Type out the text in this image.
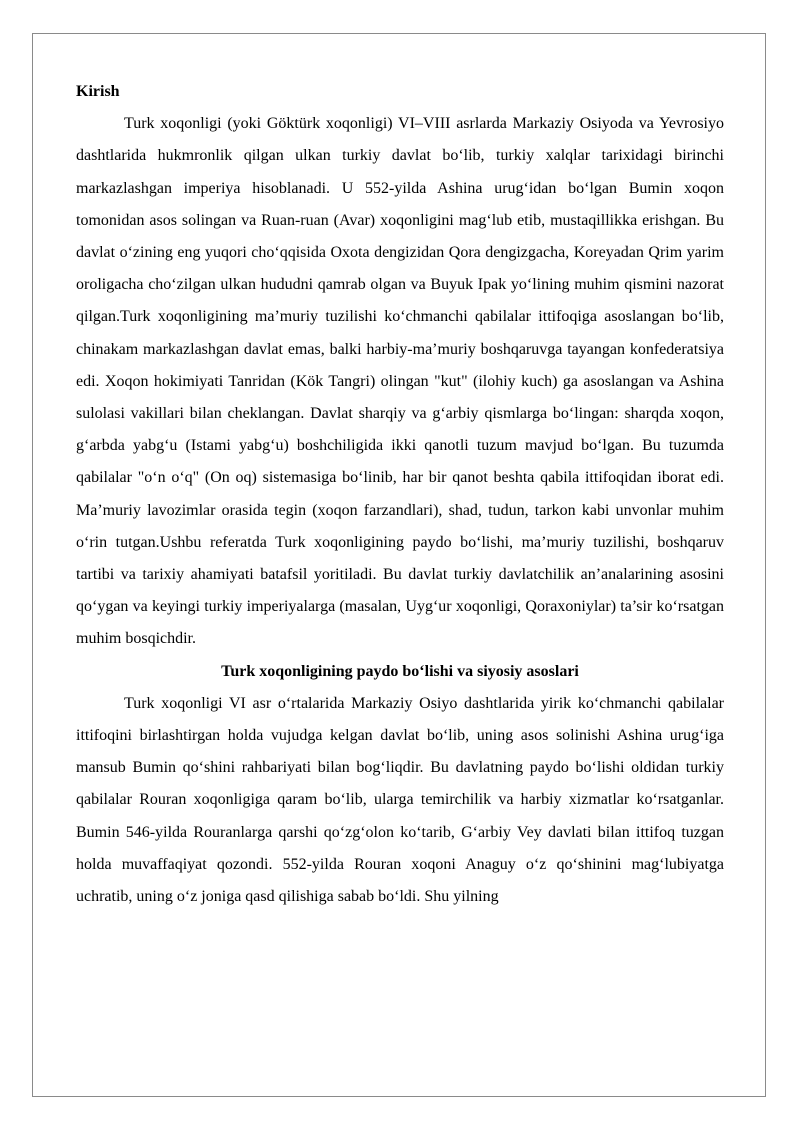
Kirish

Turk xoqonligi (yoki Göktürk xoqonligi) VI–VIII asrlarda Markaziy Osiyoda va Yevrosiyo dashtlarida hukmronlik qilgan ulkan turkiy davlat bo‘lib, turkiy xalqlar tarixidagi birinchi markazlashgan imperiya hisoblanadi. U 552-yilda Ashina urug‘idan bo‘lgan Bumin xoqon tomonidan asos solingan va Ruan-ruan (Avar) xoqonligini mag‘lub etib, mustaqillikka erishgan. Bu davlat o‘zining eng yuqori cho‘qqisida Oxota dengizidan Qora dengizgacha, Koreyadan Qrim yarim oroligacha cho‘zilgan ulkan hududni qamrab olgan va Buyuk Ipak yo‘lining muhim qismini nazorat qilgan.Turk xoqonligining ma’muriy tuzilishi ko‘chmanchi qabilalar ittifoqiga asoslangan bo‘lib, chinakam markazlashgan davlat emas, balki harbiy-ma’muriy boshqaruvga tayangan konfederatsiya edi. Xoqon hokimiyati Tanridan (Kök Tangri) olingan "kut" (ilohiy kuch) ga asoslangan va Ashina sulolasi vakillari bilan cheklangan. Davlat sharqiy va g‘arbiy qismlarga bo‘lingan: sharqda xoqon, g‘arbda yabg‘u (Istami yabg‘u) boshchiligida ikki qanotli tuzum mavjud bo‘lgan. Bu tuzumda qabilalar "o‘n o‘q" (On oq) sistemasiga bo‘linib, har bir qanot beshta qabila ittifoqidan iborat edi. Ma’muriy lavozimlar orasida tegin (xoqon farzandlari), shad, tudun, tarkon kabi unvonlar muhim o‘rin tutgan.Ushbu referatda Turk xoqonligining paydo bo‘lishi, ma’muriy tuzilishi, boshqaruv tartibi va tarixiy ahamiyati batafsil yoritiladi. Bu davlat turkiy davlatchilik an’analarining asosini qo‘ygan va keyingi turkiy imperiyalarga (masalan, Uyg‘ur xoqonligi, Qoraxoniylar) ta’sir ko‘rsatgan muhim bosqichdir.

Turk xoqonligining paydo bo‘lishi va siyosiy asoslari

Turk xoqonligi VI asr o‘rtalarida Markaziy Osiyo dashtlarida yirik ko‘chmanchi qabilalar ittifoqini birlashtirgan holda vujudga kelgan davlat bo‘lib, uning asos solinishi Ashina urug‘iga mansub Bumin qo‘shini rahbariyati bilan bog‘liqdir. Bu davlatning paydo bo‘lishi oldidan turkiy qabilalar Rouran xoqonligiga qaram bo‘lib, ularga temirchilik va harbiy xizmatlar ko‘rsatganlar. Bumin 546-yilda Rouranlarga qarshi qo‘zg‘olon ko‘tarib, G‘arbiy Vey davlati bilan ittifoq tuzgan holda muvaffaqiyat qozondi. 552-yilda Rouran xoqoni Anaguy o‘z qo‘shinini mag‘lubiyatga uchratib, uning o‘z joniga qasd qilishiga sabab bo‘ldi. Shu yilning
